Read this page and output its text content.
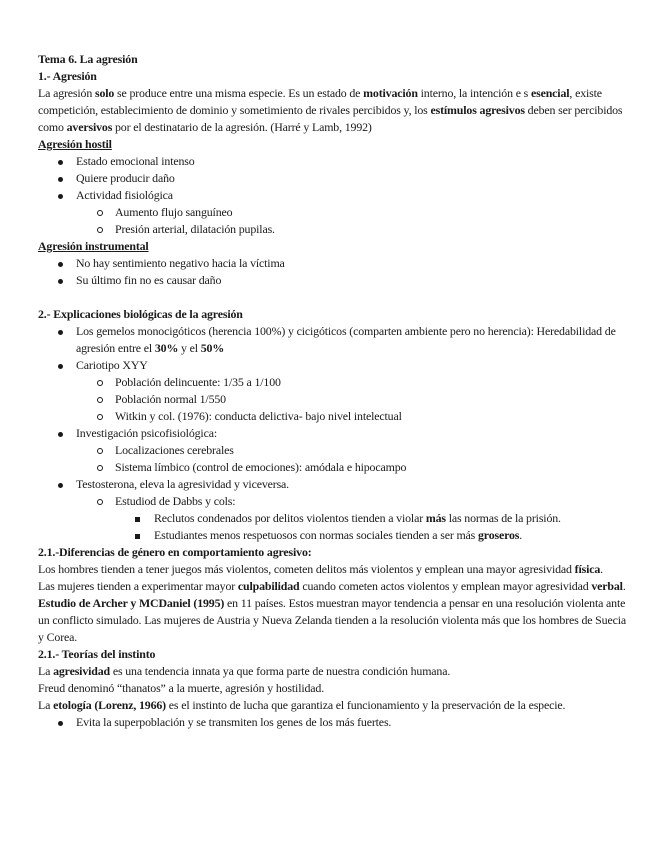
Tema 6. La agresión

1.- Agresión

La agresión solo se produce entre una misma especie. Es un estado de motivación interno, la intención e s esencial, existe competición, establecimiento de dominio y sometimiento de rivales percibidos y, los estímulos agresivos deben ser percibidos como aversivos por el destinatario de la agresión. (Harré y Lamb, 1992)

Agresión hostil

Estado emocional intenso
Quiere producir daño
Actividad fisiológica
Aumento flujo sanguíneo
Presión arterial, dilatación pupilas.

Agresión instrumental

No hay sentimiento negativo hacia la víctima
Su último fin no es causar daño

2.- Explicaciones biológicas de la agresión

Los gemelos monocigóticos (herencia 100%) y cicigóticos (comparten ambiente pero no herencia): Heredabilidad de agresión entre el 30% y el 50%
Cariotipo XYY
Población delincuente: 1/35 a 1/100
Población normal 1/550
Witkin y col. (1976): conducta delictiva- bajo nivel intelectual
Investigación psicofisiológica:
Localizaciones cerebrales
Sistema límbico (control de emociones): amódala e hipocampo
Testosterona, eleva la agresividad y viceversa.
Estudiod de Dabbs y cols:
Reclutos condenados por delitos violentos tienden a violar más las normas de la prisión.
Estudiantes menos respetuosos con normas sociales tienden a ser más groseros.

2.1.-Diferencias de género en comportamiento agresivo:

Los hombres tienden a tener juegos más violentos, cometen delitos más violentos y emplean una mayor agresividad física.

Las mujeres tienden a experimentar mayor culpabilidad cuando cometen actos violentos y emplean mayor agresividad verbal.

Estudio de Archer y MCDaniel (1995) en 11 países. Estos muestran mayor tendencia a pensar en una resolución violenta ante un conflicto simulado. Las mujeres de Austria y Nueva Zelanda tienden a la resolución violenta más que los hombres de Suecia y Corea.

2.1.- Teorías del instinto

La agresividad es una tendencia innata ya que forma parte de nuestra condición humana.

Freud denominó “thanatos” a la muerte, agresión y hostilidad.

La etología (Lorenz, 1966) es el instinto de lucha que garantiza el funcionamiento y la preservación de la especie.

Evita la superpoblación y se transmiten los genes de los más fuertes.
